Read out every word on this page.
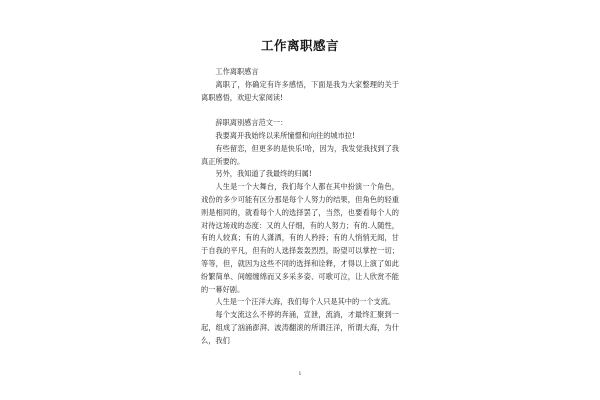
工作离职感言

工作离职感言

离职了，你确定有许多感悟，下面是我为大家整理的关于离职感悟，欢迎大家阅读!

辞职离别感言范文一：

我要离开我始终以来所憧憬和向往的城市拉!

有些留恋，但更多的是快乐!哈，因为，我发觉我找到了我真正所要的。

另外，我知道了我最终的归属!

人生是一个大舞台，我们每个人都在其中扮演一个角色，戏份的多少可能有区分那是每个人努力的结果，但角色的轻重则是相同的，就看每个人的选择罢了，当然，也要看每个人的对待这场戏的态度：又的人仔细，有的人努力；有的.人随性，有的人较真；有的人潇洒，有的人矜持；有的人悄悄无闻，甘于自我的平凡，但有的人选择轰轰烈烈，盼望可以掌控一切；等等，但，就因为这些不同的选择和诠释，才得以上演了如此纷繁简单、间缠缠绵而又多采多姿、可歌可泣，让人欣赏不能的一幕好剧。

人生是一个汪洋大海，我们每个人只是其中的一个支流。

每个支流这么不停的奔涌，宣泄，流淌，才最终汇聚到一起，组成了汹涌澎湃、波涛翻滚的所谓汪洋，所谓大海，为什么，我们

1
